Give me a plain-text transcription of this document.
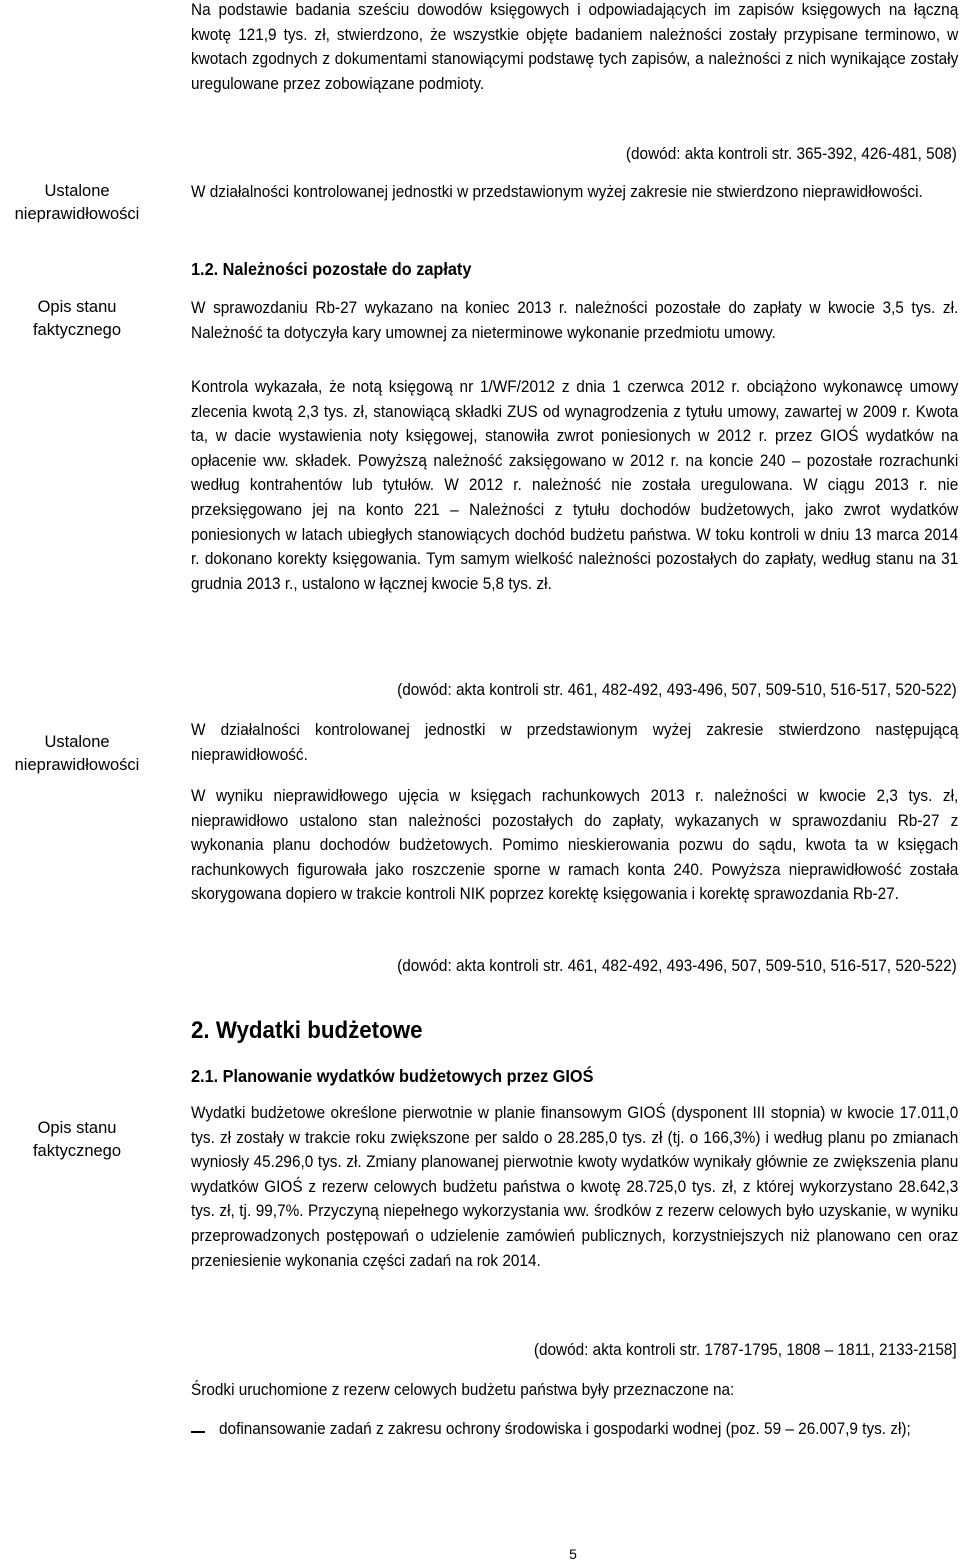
Ustalone
nieprawidłowości
Opis stanu
faktycznego
Ustalone
nieprawidłowości
Opis stanu
faktycznego
Na podstawie badania sześciu dowodów księgowych i odpowiadających im zapisów księgowych na łączną kwotę 121,9 tys. zł, stwierdzono, że wszystkie objęte badaniem należności zostały przypisane terminowo, w kwotach zgodnych z dokumentami stanowiącymi podstawę tych zapisów, a należności z nich wynikające zostały uregulowane przez zobowiązane podmioty.
(dowód: akta kontroli str. 365-392, 426-481, 508)
W działalności kontrolowanej jednostki w przedstawionym wyżej zakresie nie stwierdzono nieprawidłowości.
1.2. Należności pozostałe do zapłaty
W sprawozdaniu Rb-27 wykazano na koniec 2013 r. należności pozostałe do zapłaty w kwocie 3,5 tys. zł. Należność ta dotyczyła kary umownej za nieterminowe wykonanie przedmiotu umowy.
Kontrola wykazała, że notą księgową nr 1/WF/2012 z dnia 1 czerwca 2012 r. obciążono wykonawcę umowy zlecenia kwotą 2,3 tys. zł, stanowiącą składki ZUS od wynagrodzenia z tytułu umowy, zawartej w 2009 r. Kwota ta, w dacie wystawienia noty księgowej, stanowiła zwrot poniesionych w 2012 r. przez GIOŚ wydatków na opłacenie ww. składek. Powyższą należność zaksięgowano w 2012 r. na koncie 240 – pozostałe rozrachunki według kontrahentów lub tytułów. W 2012 r. należność nie została uregulowana. W ciągu 2013 r. nie przeksięgowano jej na konto 221 – Należności z tytułu dochodów budżetowych, jako zwrot wydatków poniesionych w latach ubiegłych stanowiących dochód budżetu państwa. W toku kontroli w dniu 13 marca 2014 r. dokonano korekty księgowania. Tym samym wielkość należności pozostałych do zapłaty, według stanu na 31 grudnia 2013 r., ustalono w łącznej kwocie 5,8 tys. zł.
(dowód: akta kontroli str. 461, 482-492, 493-496, 507, 509-510, 516-517, 520-522)
W działalności kontrolowanej jednostki w przedstawionym wyżej zakresie stwierdzono następującą nieprawidłowość.
W wyniku nieprawidłowego ujęcia w księgach rachunkowych 2013 r. należności w kwocie 2,3 tys. zł, nieprawidłowo ustalono stan należności pozostałych do zapłaty, wykazanych w sprawozdaniu Rb-27 z wykonania planu dochodów budżetowych. Pomimo nieskierowania pozwu do sądu, kwota ta w księgach rachunkowych figurowała jako roszczenie sporne w ramach konta 240. Powyższa nieprawidłowość została skorygowana dopiero w trakcie kontroli NIK poprzez korektę księgowania i korektę sprawozdania Rb-27.
(dowód: akta kontroli str. 461, 482-492, 493-496, 507, 509-510, 516-517, 520-522)
2. Wydatki budżetowe
2.1. Planowanie wydatków budżetowych przez GIOŚ
Wydatki budżetowe określone pierwotnie w planie finansowym GIOŚ (dysponent III stopnia) w kwocie 17.011,0 tys. zł zostały w trakcie roku zwiększone per saldo o 28.285,0 tys. zł (tj. o 166,3%) i według planu po zmianach wyniosły 45.296,0 tys. zł. Zmiany planowanej pierwotnie kwoty wydatków wynikały głównie ze zwiększenia planu wydatków GIOŚ z rezerw celowych budżetu państwa o kwotę 28.725,0 tys. zł, z której wykorzystano 28.642,3 tys. zł, tj. 99,7%. Przyczyną niepełnego wykorzystania ww. środków z rezerw celowych było uzyskanie, w wyniku przeprowadzonych postępowań o udzielenie zamówień publicznych, korzystniejszych niż planowano cen oraz przeniesienie wykonania części zadań na rok 2014.
(dowód: akta kontroli str. 1787-1795, 1808 – 1811, 2133-2158]
Środki uruchomione z rezerw celowych budżetu państwa były przeznaczone na:
dofinansowanie zadań z zakresu ochrony środowiska i gospodarki wodnej (poz. 59 – 26.007,9 tys. zł);
5
